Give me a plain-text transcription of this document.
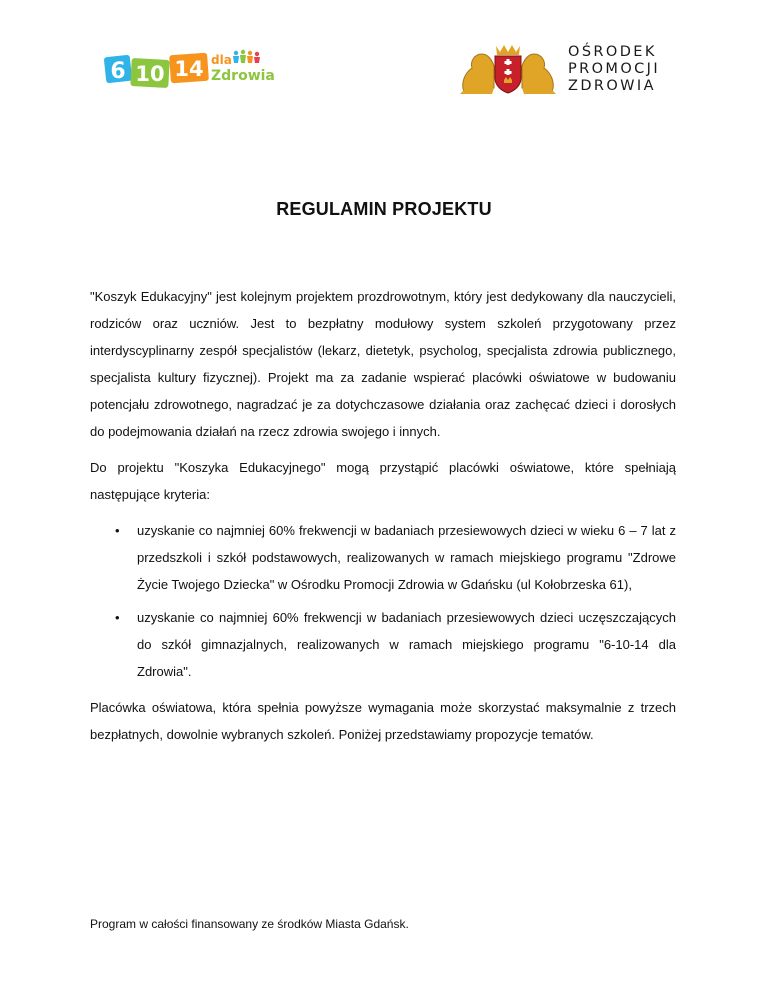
6 10 14 dla
Zdrowia
OŚRODEK
PROMOCJI
ZDROWIA
REGULAMIN PROJEKTU

"Koszyk Edukacyjny" jest kolejnym projektem prozdrowotnym, który jest dedykowany dla nauczycieli, rodziców oraz uczniów. Jest to bezpłatny modułowy system szkoleń przygotowany przez interdyscyplinarny zespół specjalistów (lekarz, dietetyk, psycholog, specjalista zdrowia publicznego, specjalista kultury fizycznej). Projekt ma za zadanie wspierać placówki oświatowe w budowaniu potencjału zdrowotnego, nagradzać je za dotychczasowe działania oraz zachęcać dzieci i dorosłych do podejmowania działań na rzecz zdrowia swojego i innych.

Do projektu "Koszyka Edukacyjnego" mogą przystąpić placówki oświatowe, które spełniają następujące kryteria:

• uzyskanie co najmniej 60% frekwencji w badaniach przesiewowych dzieci w wieku 6 – 7 lat z przedszkoli i szkół podstawowych, realizowanych w ramach miejskiego programu "Zdrowe Życie Twojego Dziecka" w Ośrodku Promocji Zdrowia w Gdańsku (ul Kołobrzeska 61),
• uzyskanie co najmniej 60% frekwencji w badaniach przesiewowych dzieci uczęszczających do szkół gimnazjalnych, realizowanych w ramach miejskiego programu "6-10-14 dla Zdrowia".

Placówka oświatowa, która spełnia powyższe wymagania może skorzystać maksymalnie z trzech bezpłatnych, dowolnie wybranych szkoleń. Poniżej przedstawiamy propozycje tematów.

Program w całości finansowany ze środków Miasta Gdańsk.
